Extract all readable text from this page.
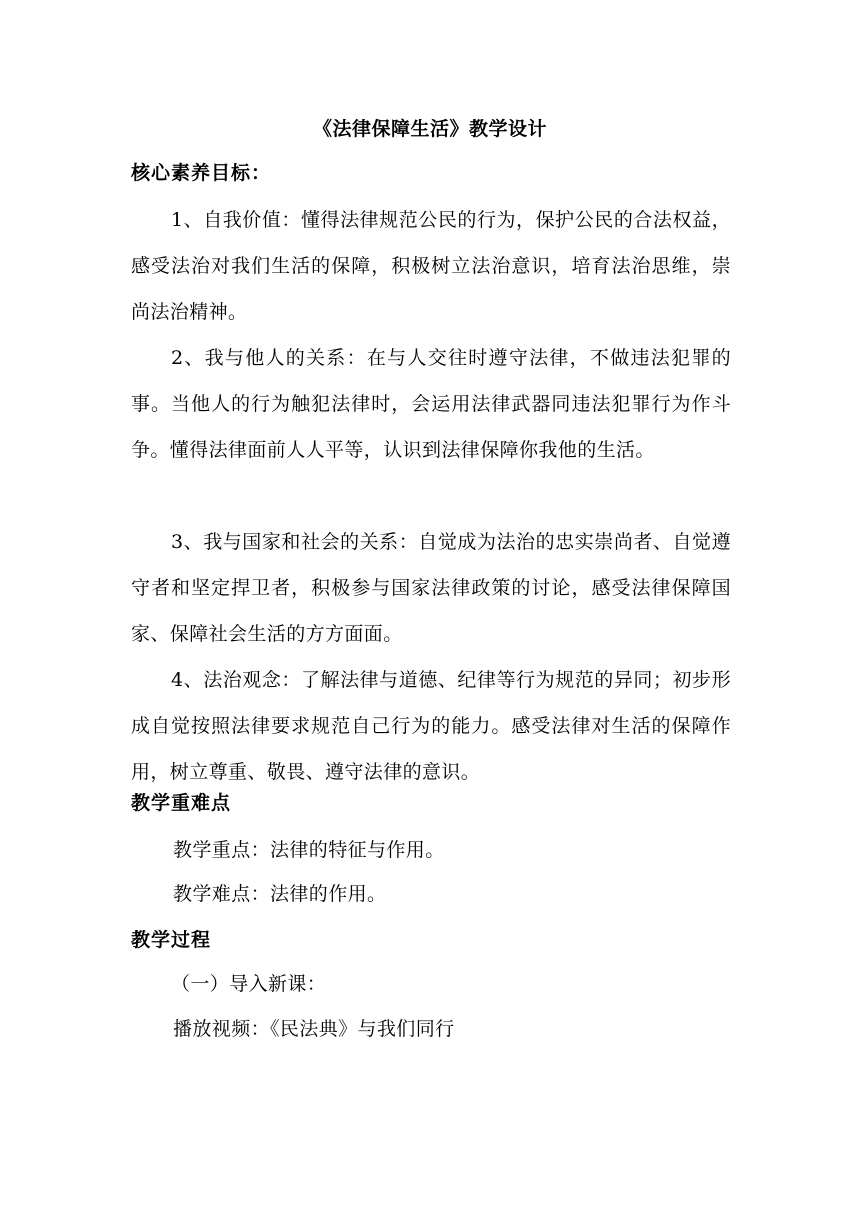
《法律保障生活》教学设计
核心素养目标：

1、自我价值：懂得法律规范公民的行为，保护公民的合法权益，感受法治对我们生活的保障，积极树立法治意识，培育法治思维，崇尚法治精神。

2、我与他人的关系：在与人交往时遵守法律，不做违法犯罪的事。当他人的行为触犯法律时，会运用法律武器同违法犯罪行为作斗争。懂得法律面前人人平等，认识到法律保障你我他的生活。

3、我与国家和社会的关系：自觉成为法治的忠实崇尚者、自觉遵守者和坚定捍卫者，积极参与国家法律政策的讨论，感受法律保障国家、保障社会生活的方方面面。

4、法治观念：了解法律与道德、纪律等行为规范的异同；初步形成自觉按照法律要求规范自己行为的能力。感受法律对生活的保障作用，树立尊重、敬畏、遵守法律的意识。

教学重难点
教学重点：法律的特征与作用。
教学难点：法律的作用。
教学过程
（一）导入新课：
播放视频：《民法典》与我们同行
